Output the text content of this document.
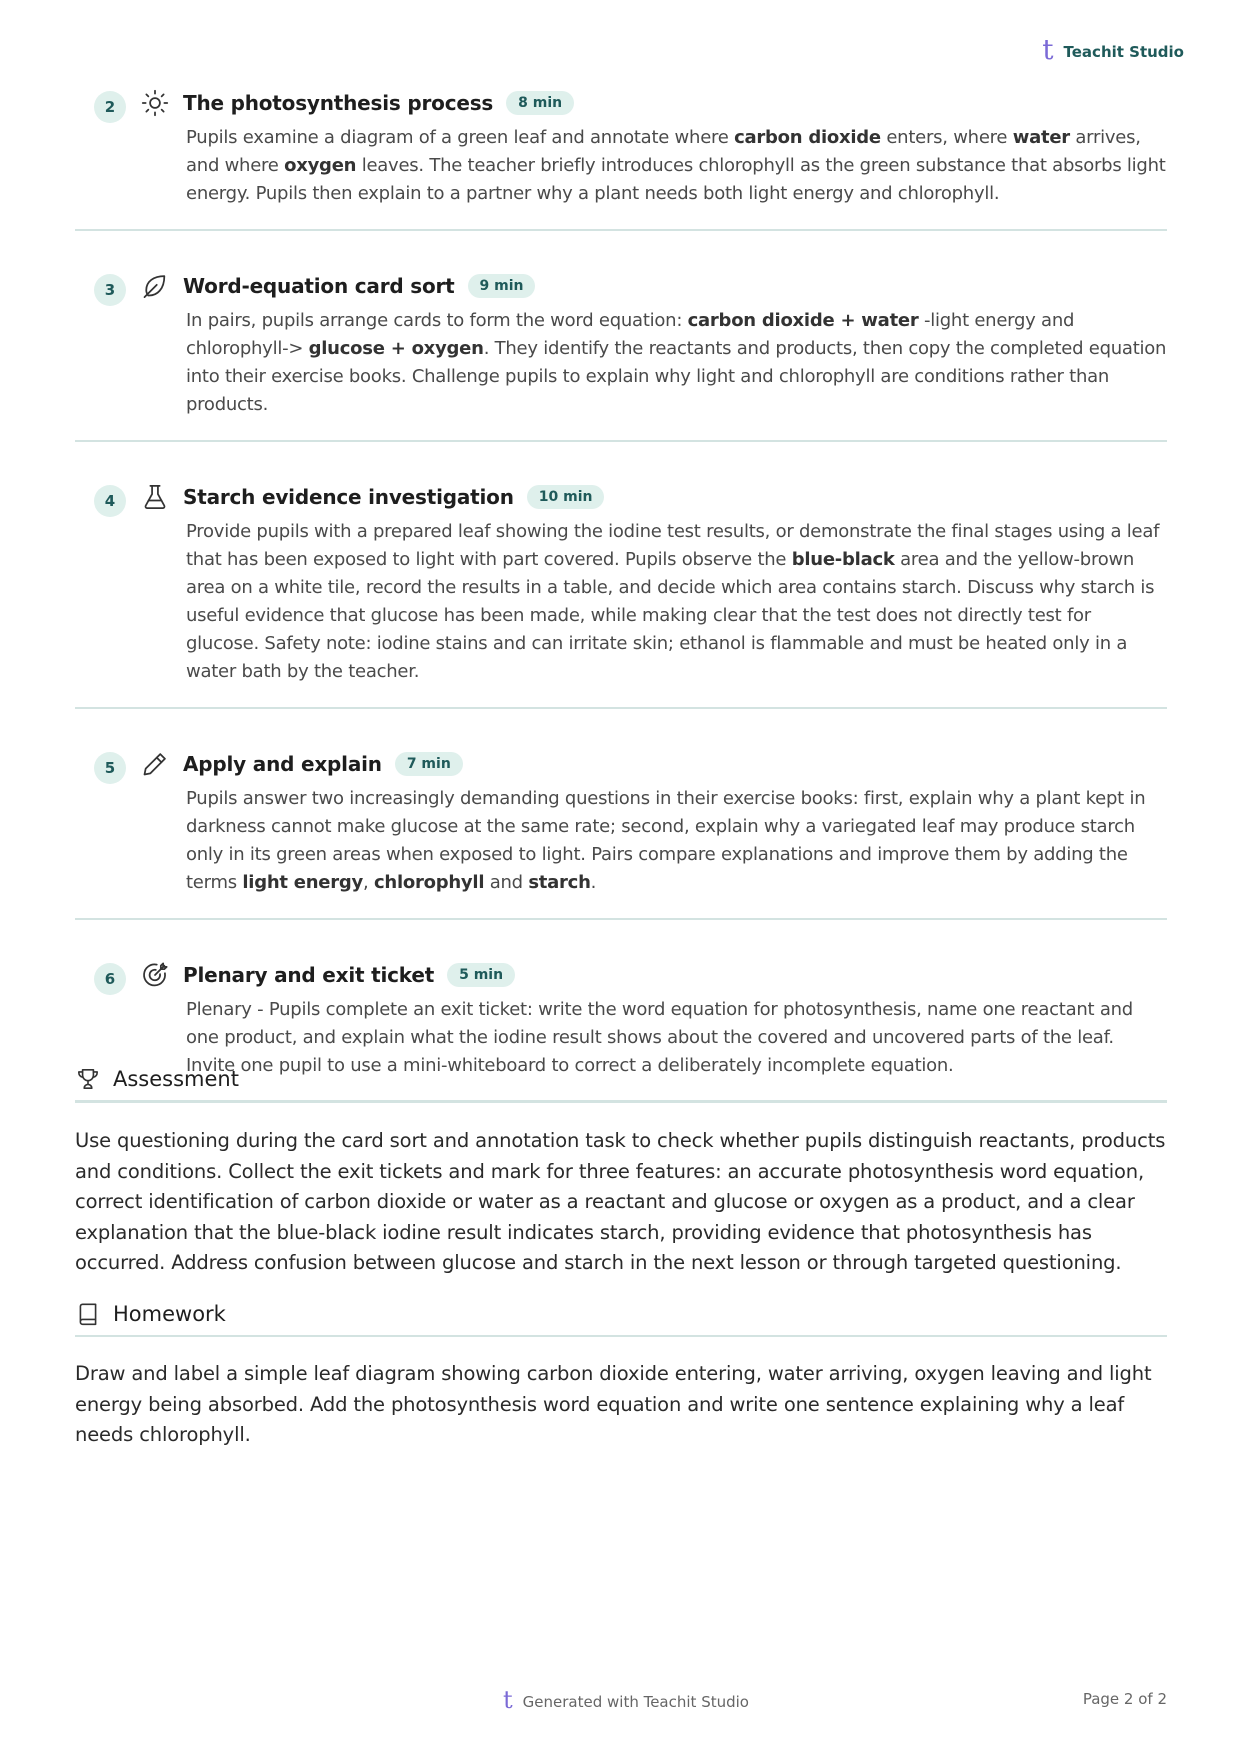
t Teachit Studio
2	The photosynthesis process	8 min
Pupils examine a diagram of a green leaf and annotate where carbon dioxide enters, where water arrives, and where oxygen leaves. The teacher briefly introduces chlorophyll as the green substance that absorbs light energy. Pupils then explain to a partner why a plant needs both light energy and chlorophyll.
3	Word-equation card sort	9 min
In pairs, pupils arrange cards to form the word equation: carbon dioxide + water -light energy and chlorophyll-> glucose + oxygen. They identify the reactants and products, then copy the completed equation into their exercise books. Challenge pupils to explain why light and chlorophyll are conditions rather than products.
4	Starch evidence investigation	10 min
Provide pupils with a prepared leaf showing the iodine test results, or demonstrate the final stages using a leaf that has been exposed to light with part covered. Pupils observe the blue-black area and the yellow-brown area on a white tile, record the results in a table, and decide which area contains starch. Discuss why starch is useful evidence that glucose has been made, while making clear that the test does not directly test for glucose. Safety note: iodine stains and can irritate skin; ethanol is flammable and must be heated only in a water bath by the teacher.
5	Apply and explain	7 min
Pupils answer two increasingly demanding questions in their exercise books: first, explain why a plant kept in darkness cannot make glucose at the same rate; second, explain why a variegated leaf may produce starch only in its green areas when exposed to light. Pairs compare explanations and improve them by adding the terms light energy, chlorophyll and starch.
6	Plenary and exit ticket	5 min
Plenary - Pupils complete an exit ticket: write the word equation for photosynthesis, name one reactant and one product, and explain what the iodine result shows about the covered and uncovered parts of the leaf. Invite one pupil to use a mini-whiteboard to correct a deliberately incomplete equation.
Assessment
Use questioning during the card sort and annotation task to check whether pupils distinguish reactants, products and conditions. Collect the exit tickets and mark for three features: an accurate photosynthesis word equation, correct identification of carbon dioxide or water as a reactant and glucose or oxygen as a product, and a clear explanation that the blue-black iodine result indicates starch, providing evidence that photosynthesis has occurred. Address confusion between glucose and starch in the next lesson or through targeted questioning.
Homework
Draw and label a simple leaf diagram showing carbon dioxide entering, water arriving, oxygen leaving and light energy being absorbed. Add the photosynthesis word equation and write one sentence explaining why a leaf needs chlorophyll.
t Generated with Teachit Studio	Page 2 of 2
